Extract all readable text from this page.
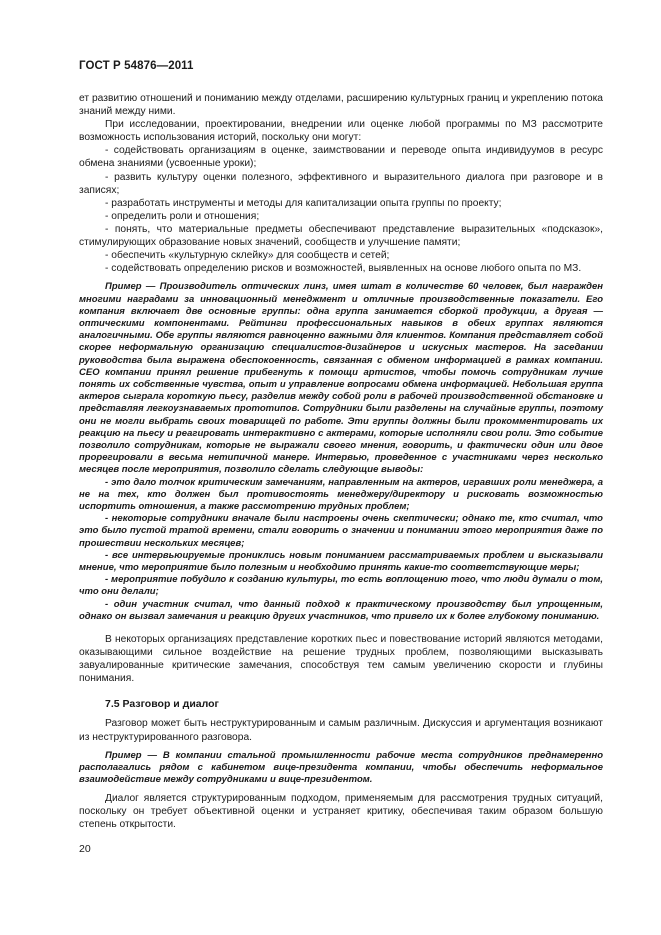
ГОСТ Р 54876—2011

ет развитию отношений и пониманию между отделами, расширению культурных границ и укреплению потока знаний между ними.

При исследовании, проектировании, внедрении или оценке любой программы по МЗ рассмотрите возможность использования историй, поскольку они могут:

- содействовать организациям в оценке, заимствовании и переводе опыта индивидуумов в ресурс обмена знаниями (усвоенные уроки);

- развить культуру оценки полезного, эффективного и выразительного диалога при разговоре и в записях;

- разработать инструменты и методы для капитализации опыта группы по проекту;

- определить роли и отношения;

- понять, что материальные предметы обеспечивают представление выразительных «подсказок», стимулирующих образование новых значений, сообществ и улучшение памяти;

- обеспечить «культурную склейку» для сообществ и сетей;

- содействовать определению рисков и возможностей, выявленных на основе любого опыта по МЗ.

Пример — Производитель оптических линз, имея штат в количестве 60 человек, был награжден многими наградами за инновационный менеджмент и отличные производственные показатели. Его компания включает две основные группы: одна группа занимается сборкой продукции, а другая — оптическими компонентами. Рейтинги профессиональных навыков в обеих группах являются аналогичными. Обе группы являются равноценно важными для клиентов. Компания представляет собой скорее неформальную организацию специалистов-дизайнеров и искусных мастеров. На заседании руководства была выражена обеспокоенность, связанная с обменом информацией в рамках компании. CEO компании принял решение прибегнуть к помощи артистов, чтобы помочь сотрудникам лучше понять их собственные чувства, опыт и управление вопросами обмена информацией. Небольшая группа актеров сыграла короткую пьесу, разделив между собой роли в рабочей производственной обстановке и представляя легкоузнаваемых прототипов. Сотрудники были разделены на случайные группы, поэтому они не могли выбрать своих товарищей по работе. Эти группы должны были прокомментировать их реакцию на пьесу и реагировать интерактивно с актерами, которые исполняли свои роли. Это событие позволило сотрудникам, которые не выражали своего мнения, говорить, и фактически один или двое прорегировали в весьма нетипичной манере. Интервью, проведенное с участниками через несколько месяцев после мероприятия, позволило сделать следующие выводы:

- это дало толчок критическим замечаниям, направленным на актеров, игравших роли менеджера, а не на тех, кто должен был противостоять менеджеру/директору и рисковать возможностью испортить отношения, а также рассмотрению трудных проблем;

- некоторые сотрудники вначале были настроены очень скептически; однако те, кто считал, что это было пустой тратой времени, стали говорить о значении и понимании этого мероприятия даже по прошествии нескольких месяцев;

- все интервьюируемые прониклись новым пониманием рассматриваемых проблем и высказывали мнение, что мероприятие было полезным и необходимо принять какие-то соответствующие меры;

- мероприятие побудило к созданию культуры, то есть воплощению того, что люди думали о том, что они делали;

- один участник считал, что данный подход к практическому производству был упрощенным, однако он вызвал замечания и реакцию других участников, что привело их к более глубокому пониманию.

В некоторых организациях представление коротких пьес и повествование историй являются методами, оказывающими сильное воздействие на решение трудных проблем, позволяющими высказывать завуалированные критические замечания, способствуя тем самым увеличению скорости и глубины понимания.

7.5 Разговор и диалог

Разговор может быть неструктурированным и самым различным. Дискуссия и аргументация возникают из неструктурированного разговора.

Пример — В компании стальной промышленности рабочие места сотрудников преднамеренно располагались рядом с кабинетом вице-президента компании, чтобы обеспечить неформальное взаимодействие между сотрудниками и вице-президентом.

Диалог является структурированным подходом, применяемым для рассмотрения трудных ситуаций, поскольку он требует объективной оценки и устраняет критику, обеспечивая таким образом большую степень открытости.

20
